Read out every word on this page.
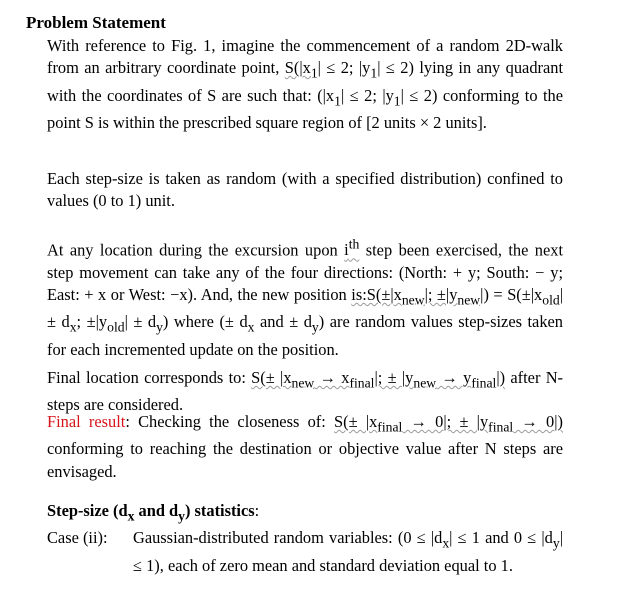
Problem Statement
With reference to Fig. 1, imagine the commencement of a random 2D-walk from an arbitrary coordinate point, $S(|x_1| \le 2$; $|y_1| \le 2$) lying in any quadrant with the coordinates of S are such that: ($|x_1| \le 2$; $|y_1| \le 2$) conforming to the point S is within the prescribed square region of [2 units × 2 units].
Each step-size is taken as random (with a specified distribution) confined to values (0 to 1) unit.
At any location during the excursion upon $i^{th}$ step been exercised, the next step movement can take any of the four directions: (North: + y; South: − y; East: + x or West: −x). And, the new position $is:S(\pm|x_{new}|$; $\pm|y_{new}|) = S(\pm|x_{old}| \pm d_x$; $\pm|y_{old}| \pm d_y$) where (± $d_x$ and ± $d_y$) are random values step-sizes taken for each incremented update on the position.
Final location corresponds to: $S(\pm |x_{new} \to x_{final}|$; ± $|y_{new} \to y_{final}|$) after N-steps are considered.
Final result: Checking the closeness of: $S(\pm |x_{final} \to 0|$; ± $|y_{final} \to 0|$) conforming to reaching the destination or objective value after N steps are envisaged.
Step-size ($d_x$ and $d_y$) statistics:
Case (ii):	Gaussian-distributed random variables: ($0 \le |d_x| \le 1$ and $0 \le |d_y| \le 1$), each of zero mean and standard deviation equal to 1.
